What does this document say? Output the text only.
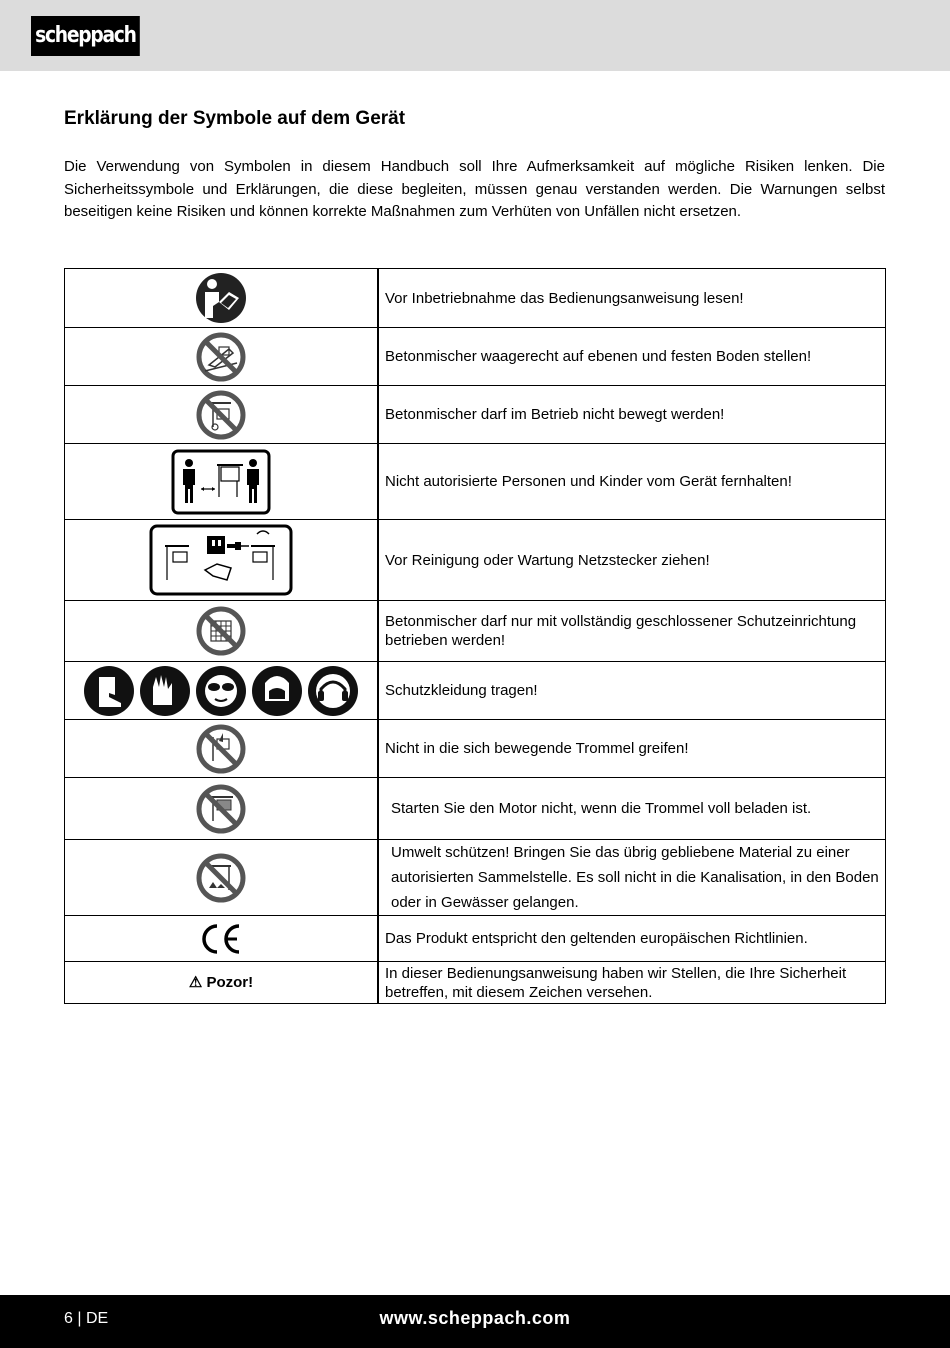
scheppach
Erklärung der Symbole auf dem Gerät

Die Verwendung von Symbolen in diesem Handbuch soll Ihre Aufmerksamkeit auf mögliche Risiken lenken. Die Sicherheitssymbole und Erklärungen, die diese begleiten, müssen genau verstanden werden. Die Warnungen selbst beseitigen keine Risiken und können korrekte Maßnahmen zum Verhüten von Unfällen nicht ersetzen.

	Vor Inbetriebnahme das Bedienungsanweisung lesen!

	Betonmischer waagerecht auf ebenen und festen Boden stellen!

	Betonmischer darf im Betrieb nicht bewegt werden!

	Nicht autorisierte Personen und Kinder vom Gerät fernhalten!

	Vor Reinigung oder Wartung Netzstecker ziehen!

	Betonmischer darf nur mit vollständig geschlossener Schutzeinrichtung betrieben werden!

	Schutzkleidung tragen!

	Nicht in die sich bewegende Trommel greifen!

	Starten Sie den Motor nicht, wenn die Trommel voll beladen ist.

	Umwelt schützen! Bringen Sie das übrig gebliebene Material zu einer autorisierten Sammelstelle. Es soll nicht in die Kanalisation, in den Boden oder in Gewässer gelangen.

	Das Produkt entspricht den geltenden europäischen Richtlinien.
⚠ Pozor!	In dieser Bedienungsanweisung haben wir Stellen, die Ihre Sicherheit betreffen, mit diesem Zeichen versehen.
6 | DE	www.scheppach.com
